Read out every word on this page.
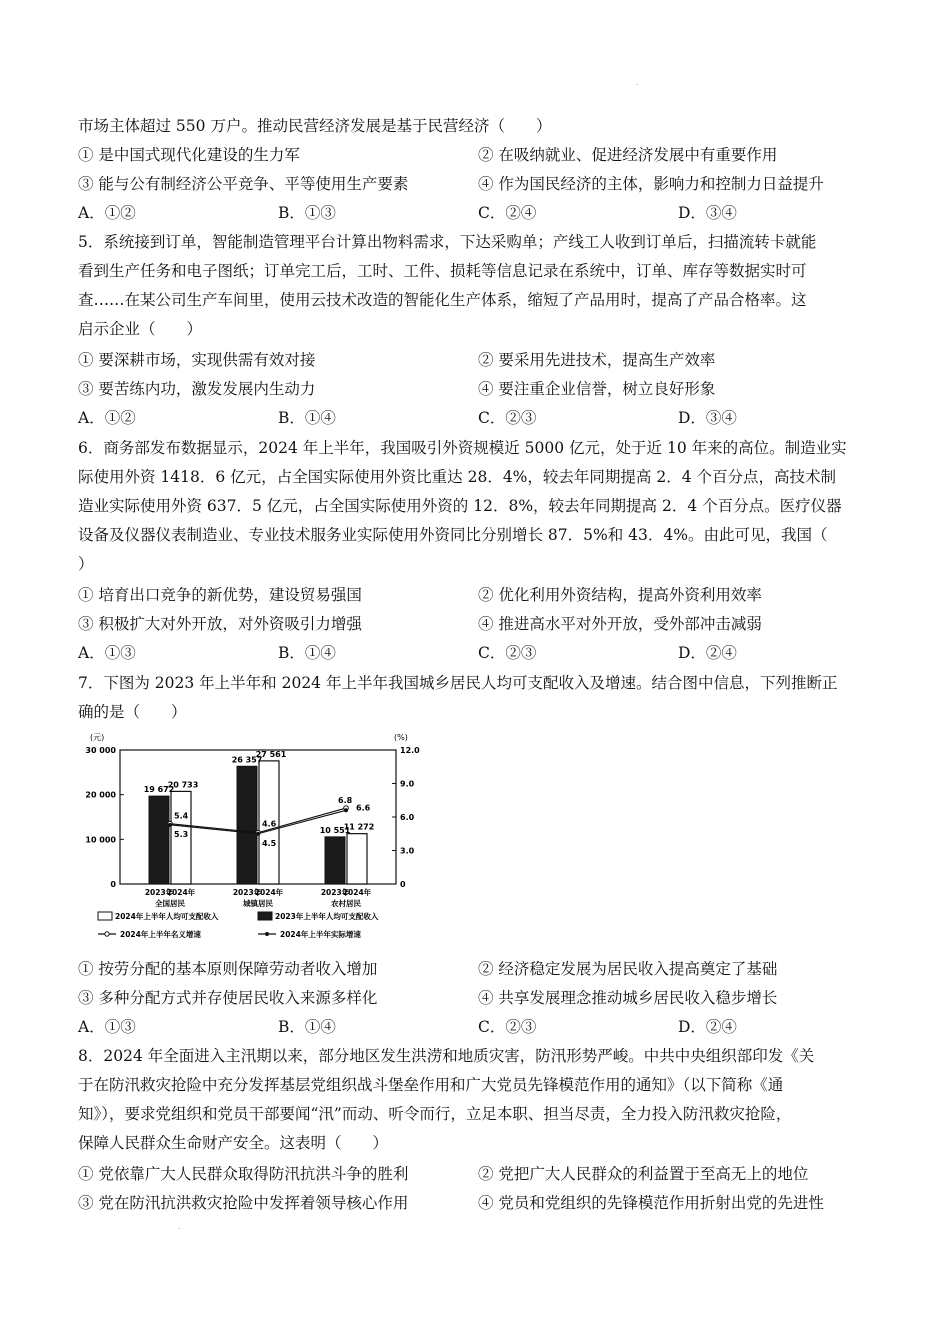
.
市场主体超过 550 万户。推动民营经济发展是基于民营经济（　　）
① 是中国式现代化建设的生力军	② 在吸纳就业、促进经济发展中有重要作用
③ 能与公有制经济公平竞争、平等使用生产要素	④ 作为国民经济的主体，影响力和控制力日益提升
A．①②	B．①③	C．②④	D．③④
5．系统接到订单，智能制造管理平台计算出物料需求，下达采购单；产线工人收到订单后，扫描流转卡就能
看到生产任务和电子图纸；订单完工后，工时、工件、损耗等信息记录在系统中，订单、库存等数据实时可
查……在某公司生产车间里，使用云技术改造的智能化生产体系，缩短了产品用时，提高了产品合格率。这
启示企业（　　）
① 要深耕市场，实现供需有效对接	② 要采用先进技术，提高生产效率
③ 要苦练内功，激发发展内生动力	④ 要注重企业信誉，树立良好形象
A．①②	B．①④	C．②③	D．③④
6．商务部发布数据显示，2024 年上半年，我国吸引外资规模近 5000 亿元，处于近 10 年来的高位。制造业实
际使用外资 1418．6 亿元，占全国实际使用外资比重达 28．4%，较去年同期提高 2．4 个百分点，高技术制
造业实际使用外资 637．5 亿元，占全国实际使用外资的 12．8%，较去年同期提高 2．4 个百分点。医疗仪器
设备及仪器仪表制造业、专业技术服务业实际使用外资同比分别增长 87．5%和 43．4%。由此可见，我国（
）
① 培育出口竞争的新优势，建设贸易强国	② 优化利用外资结构，提高外资利用效率
③ 积极扩大对外开放，对外资吸引力增强	④ 推进高水平对外开放，受外部冲击减弱
A．①③	B．①④	C．②③	D．②④
7．下图为 2023 年上半年和 2024 年上半年我国城乡居民人均可支配收入及增速。结合图中信息，下列推断正
确的是（　　）
(元)	(%)
30 000
20 000
10 000
0
12.0
9.0
6.0
3.0
0
19 672
20 733
2023年
2024年
全国居民
26 357
27 561
2023年
2024年
城镇居民
10 551
11 272
2023年
2024年
农村居民
5.4
4.6
6.8
5.3
4.5
6.6
2024年上半年人均可支配收入	2023年上半年人均可支配收入
2024年上半年名义增速	2024年上半年实际增速
① 按劳分配的基本原则保障劳动者收入增加	② 经济稳定发展为居民收入提高奠定了基础
③ 多种分配方式并存使居民收入来源多样化	④ 共享发展理念推动城乡居民收入稳步增长
A．①③	B．①④	C．②③	D．②④
8．2024 年全面进入主汛期以来，部分地区发生洪涝和地质灾害，防汛形势严峻。中共中央组织部印发《关
于在防汛救灾抢险中充分发挥基层党组织战斗堡垒作用和广大党员先锋模范作用的通知》（以下简称《通
知》），要求党组织和党员干部要闻“汛”而动、听令而行，立足本职、担当尽责，全力投入防汛救灾抢险，
保障人民群众生命财产安全。这表明（　　）
① 党依靠广大人民群众取得防汛抗洪斗争的胜利	② 党把广大人民群众的利益置于至高无上的地位
③ 党在防汛抗洪救灾抢险中发挥着领导核心作用	④ 党员和党组织的先锋模范作用折射出党的先进性
.
